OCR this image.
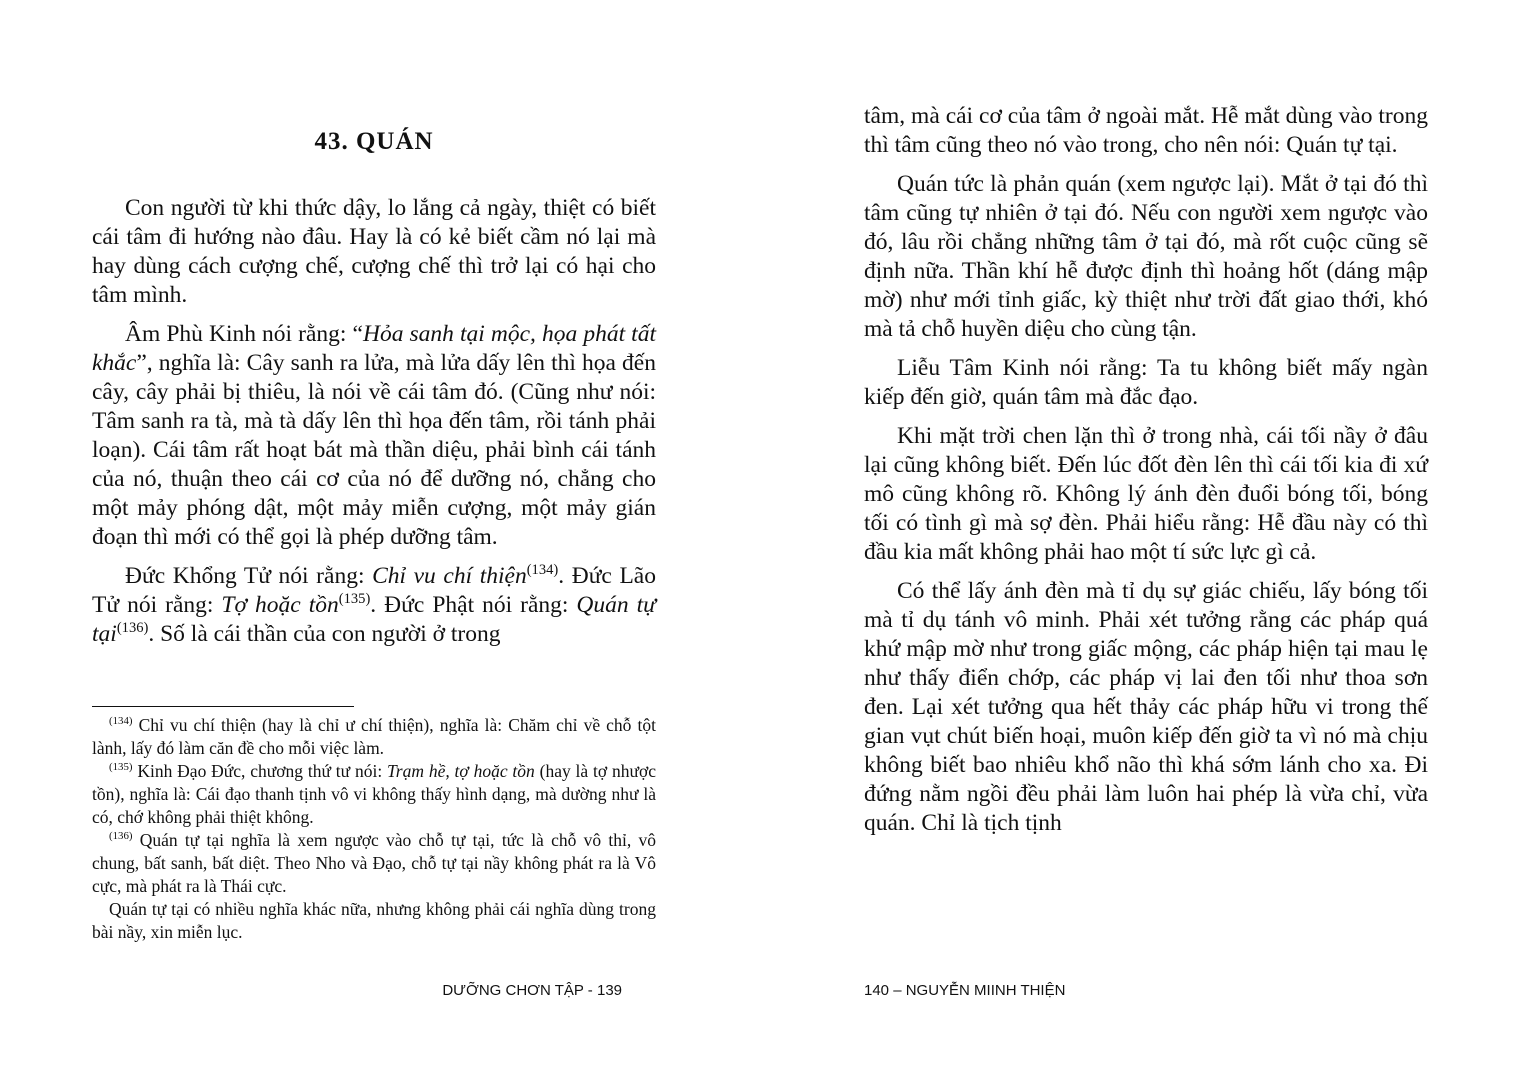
43. QUÁN

Con người từ khi thức dậy, lo lắng cả ngày, thiệt có biết cái tâm đi hướng nào đâu. Hay là có kẻ biết cầm nó lại mà hay dùng cách cượng chế, cượng chế thì trở lại có hại cho tâm mình.

Âm Phù Kinh nói rằng: “Hỏa sanh tại mộc, họa phát tất khắc”, nghĩa là: Cây sanh ra lửa, mà lửa dấy lên thì họa đến cây, cây phải bị thiêu, là nói về cái tâm đó. (Cũng như nói: Tâm sanh ra tà, mà tà dấy lên thì họa đến tâm, rồi tánh phải loạn). Cái tâm rất hoạt bát mà thần diệu, phải bình cái tánh của nó, thuận theo cái cơ của nó để dưỡng nó, chẳng cho một mảy phóng dật, một mảy miễn cượng, một mảy gián đoạn thì mới có thể gọi là phép dưỡng tâm.

Đức Khổng Tử nói rằng: Chỉ vu chí thiện$^{(134)}$. Đức Lão Tử nói rằng: Tợ hoặc tồn$^{(135)}$. Đức Phật nói rằng: Quán tự tại$^{(136)}$. Số là cái thần của con người ở trong

$^{(134)}$ Chỉ vu chí thiện (hay là chỉ ư chí thiện), nghĩa là: Chăm chỉ về chỗ tột lành, lấy đó làm căn đề cho mỗi việc làm.

$^{(135)}$ Kinh Đạo Đức, chương thứ tư nói: Trạm hề, tợ hoặc tồn (hay là tợ nhược tồn), nghĩa là: Cái đạo thanh tịnh vô vi không thấy hình dạng, mà dường như là có, chớ không phải thiệt không.

$^{(136)}$ Quán tự tại nghĩa là xem ngược vào chỗ tự tại, tức là chỗ vô thỉ, vô chung, bất sanh, bất diệt. Theo Nho và Đạo, chỗ tự tại nầy không phát ra là Vô cực, mà phát ra là Thái cực.

Quán tự tại có nhiều nghĩa khác nữa, nhưng không phải cái nghĩa dùng trong bài nầy, xin miễn lục.

DƯỠNG CHƠN TẬP - 139

tâm, mà cái cơ của tâm ở ngoài mắt. Hễ mắt dùng vào trong thì tâm cũng theo nó vào trong, cho nên nói: Quán tự tại.

Quán tức là phản quán (xem ngược lại). Mắt ở tại đó thì tâm cũng tự nhiên ở tại đó. Nếu con người xem ngược vào đó, lâu rồi chẳng những tâm ở tại đó, mà rốt cuộc cũng sẽ định nữa. Thần khí hễ được định thì hoảng hốt (dáng mập mờ) như mới tỉnh giấc, kỳ thiệt như trời đất giao thới, khó mà tả chỗ huyền diệu cho cùng tận.

Liễu Tâm Kinh nói rằng: Ta tu không biết mấy ngàn kiếp đến giờ, quán tâm mà đắc đạo.

Khi mặt trời chen lặn thì ở trong nhà, cái tối nầy ở đâu lại cũng không biết. Đến lúc đốt đèn lên thì cái tối kia đi xứ mô cũng không rõ. Không lý ánh đèn đuổi bóng tối, bóng tối có tình gì mà sợ đèn. Phải hiểu rằng: Hễ đầu này có thì đầu kia mất không phải hao một tí sức lực gì cả.

Có thể lấy ánh đèn mà tỉ dụ sự giác chiếu, lấy bóng tối mà tỉ dụ tánh vô minh. Phải xét tưởng rằng các pháp quá khứ mập mờ như trong giấc mộng, các pháp hiện tại mau lẹ như thấy điển chớp, các pháp vị lai đen tối như thoa sơn đen. Lại xét tưởng qua hết thảy các pháp hữu vi trong thế gian vụt chút biến hoại, muôn kiếp đến giờ ta vì nó mà chịu không biết bao nhiêu khổ não thì khá sớm lánh cho xa. Đi đứng nằm ngồi đều phải làm luôn hai phép là vừa chỉ, vừa quán. Chỉ là tịch tịnh

140 – NGUYỄN MIINH THIỆN
